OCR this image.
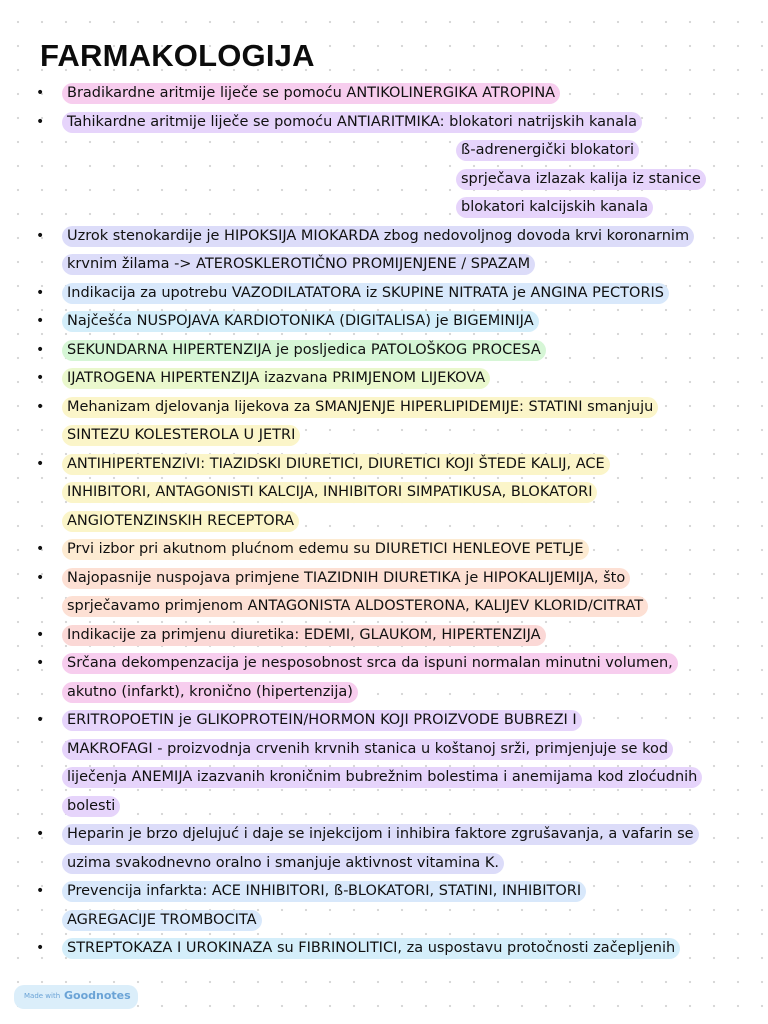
FARMAKOLOGIJA
•	Bradikardne aritmije liječe se pomoću ANTIKOLINERGIKA ATROPINA
•	Tahikardne aritmije liječe se pomoću ANTIARITMIKA: blokatori natrijskih kanala
ß-adrenergički blokatori
sprječava izlazak kalija iz stanice
blokatori kalcijskih kanala
•	Uzrok stenokardije je HIPOKSIJA MIOKARDA zbog nedovoljnog dovoda krvi koronarnim
krvnim žilama -> ATEROSKLEROTIČNO PROMIJENJENE / SPAZAM
•	Indikacija za upotrebu VAZODILATATORA iz SKUPINE NITRATA je ANGINA PECTORIS
•	Najčešća NUSPOJAVA KARDIOTONIKA (DIGITALISA) je BIGEMINIJA
•	SEKUNDARNA HIPERTENZIJA je posljedica PATOLOŠKOG PROCESA
•	IJATROGENA HIPERTENZIJA izazvana PRIMJENOM LIJEKOVA
•	Mehanizam djelovanja lijekova za SMANJENJE HIPERLIPIDEMIJE: STATINI smanjuju
SINTEZU KOLESTEROLA U JETRI
•	ANTIHIPERTENZIVI: TIAZIDSKI DIURETICI, DIURETICI KOJI ŠTEDE KALIJ, ACE
INHIBITORI, ANTAGONISTI KALCIJA, INHIBITORI SIMPATIKUSA, BLOKATORI
ANGIOTENZINSKIH RECEPTORA
•	Prvi izbor pri akutnom plućnom edemu su DIURETICI HENLEOVE PETLJE
•	Najopasnije nuspojava primjene TIAZIDNIH DIURETIKA je HIPOKALIJEMIJA, što
sprječavamo primjenom ANTAGONISTA ALDOSTERONA, KALIJEV KLORID/CITRAT
•	Indikacije za primjenu diuretika: EDEMI, GLAUKOM, HIPERTENZIJA
•	Srčana dekompenzacija je nesposobnost srca da ispuni normalan minutni volumen,
akutno (infarkt), kronično (hipertenzija)
•	ERITROPOETIN je GLIKOPROTEIN/HORMON KOJI PROIZVODE BUBREZI I
MAKROFAGI - proizvodnja crvenih krvnih stanica u koštanoj srži, primjenjuje se kod
liječenja ANEMIJA izazvanih kroničnim bubrežnim bolestima i anemijama kod zloćudnih
bolesti
•	Heparin je brzo djelujuć i daje se injekcijom i inhibira faktore zgrušavanja, a vafarin se
uzima svakodnevno oralno i smanjuje aktivnost vitamina K.
•	Prevencija infarkta: ACE INHIBITORI, ß-BLOKATORI, STATINI, INHIBITORI
AGREGACIJE TROMBOCITA
•	STREPTOKAZA I UROKINAZA su FIBRINOLITICI, za uspostavu protočnosti začepljenih
Made with Goodnotes
